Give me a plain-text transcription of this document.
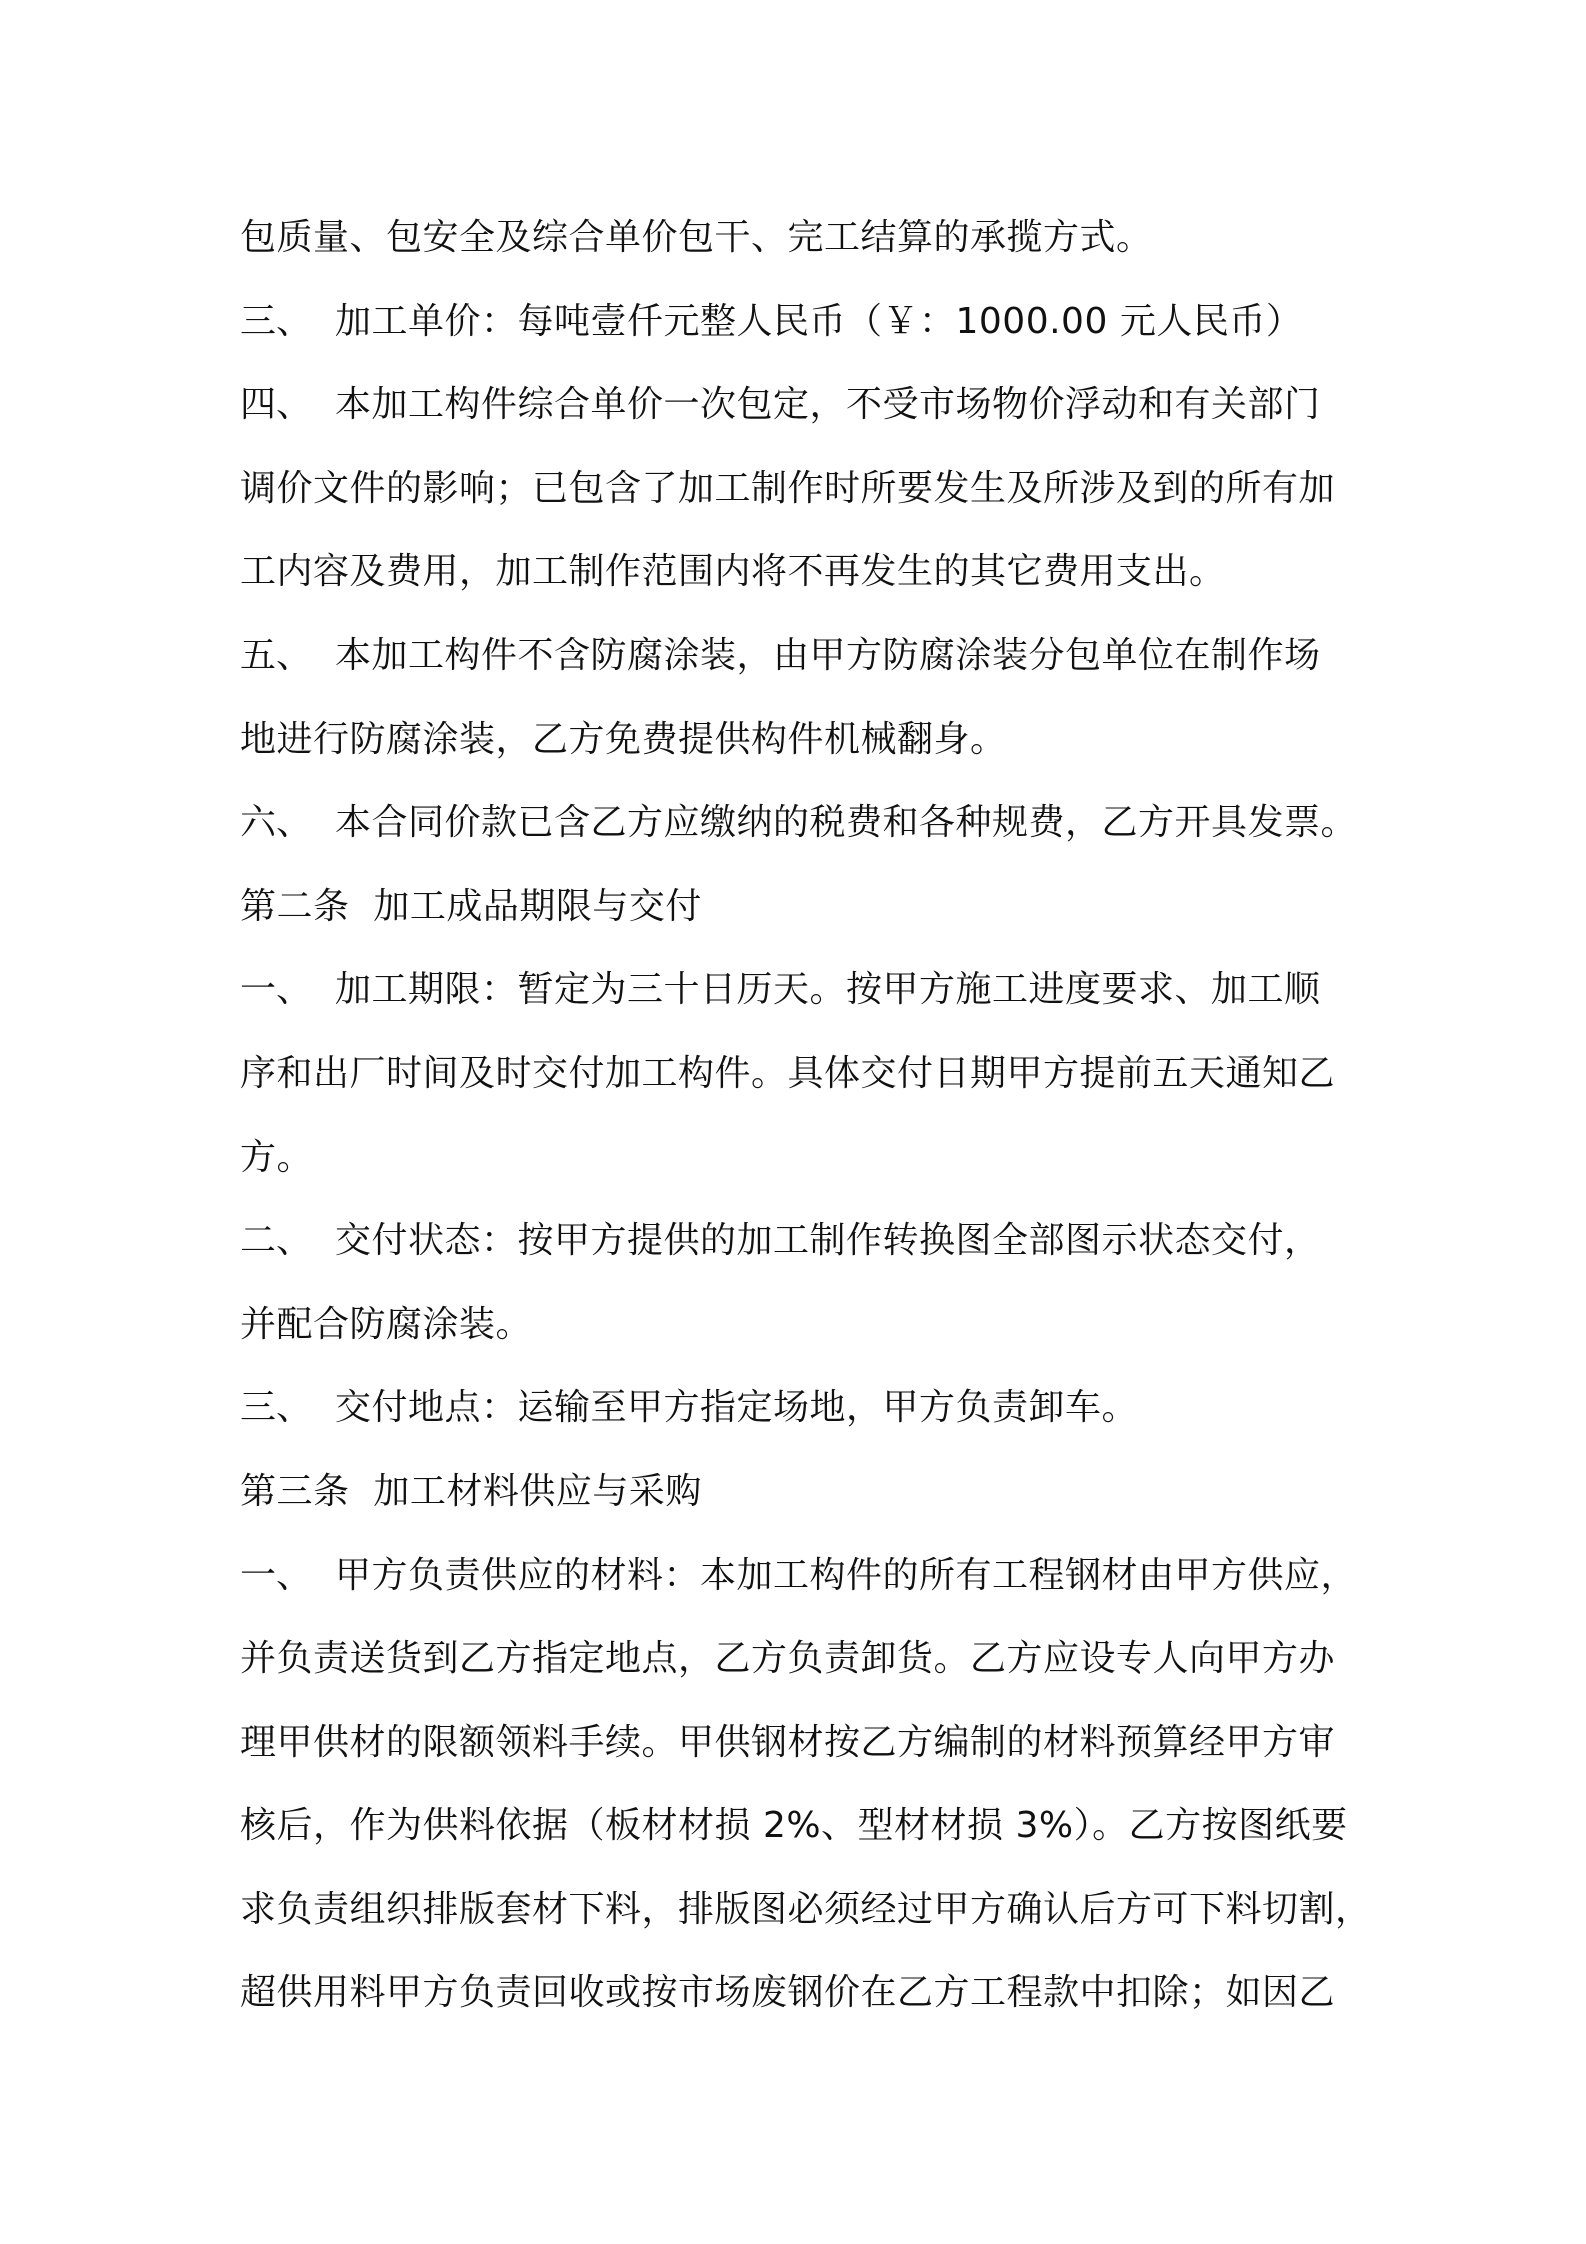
包质量、包安全及综合单价包干、完工结算的承揽方式。
三、 加工单价：每吨壹仟元整人民币（￥：1000.00 元人民币）
四、 本加工构件综合单价一次包定，不受市场物价浮动和有关部门
调价文件的影响；已包含了加工制作时所要发生及所涉及到的所有加
工内容及费用，加工制作范围内将不再发生的其它费用支出。
五、 本加工构件不含防腐涂装，由甲方防腐涂装分包单位在制作场
地进行防腐涂装，乙方免费提供构件机械翻身。
六、 本合同价款已含乙方应缴纳的税费和各种规费，乙方开具发票。
第二条  加工成品期限与交付
一、 加工期限：暂定为三十日历天。按甲方施工进度要求、加工顺
序和出厂时间及时交付加工构件。具体交付日期甲方提前五天通知乙
方。
二、 交付状态：按甲方提供的加工制作转换图全部图示状态交付，
并配合防腐涂装。
三、 交付地点：运输至甲方指定场地，甲方负责卸车。
第三条  加工材料供应与采购
一、 甲方负责供应的材料：本加工构件的所有工程钢材由甲方供应，
并负责送货到乙方指定地点，乙方负责卸货。乙方应设专人向甲方办
理甲供材的限额领料手续。甲供钢材按乙方编制的材料预算经甲方审
核后，作为供料依据（板材材损 2%、型材材损 3%）。乙方按图纸要
求负责组织排版套材下料，排版图必须经过甲方确认后方可下料切割，
超供用料甲方负责回收或按市场废钢价在乙方工程款中扣除；如因乙
